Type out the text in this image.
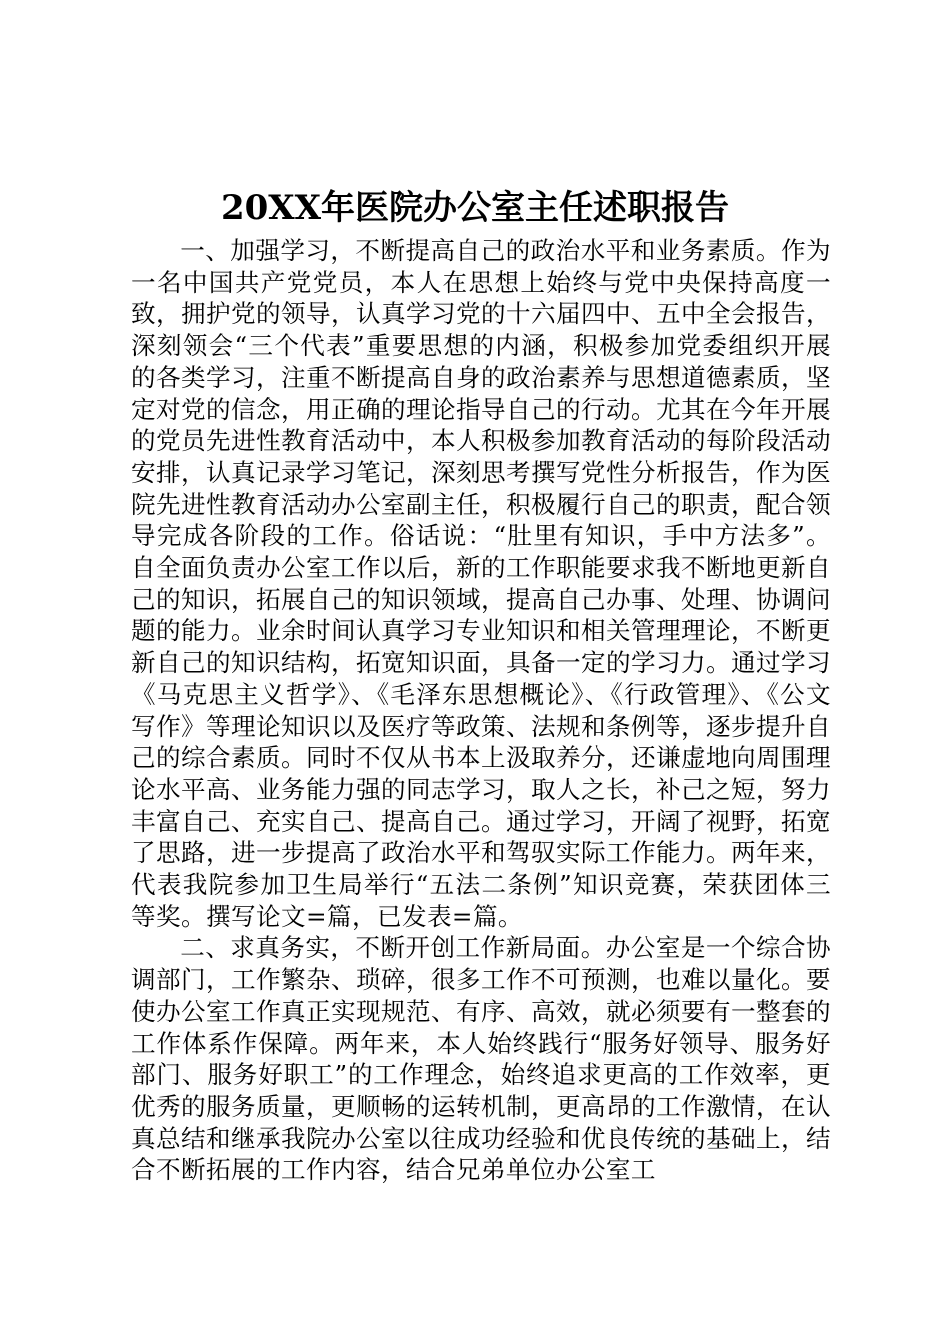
20XX年医院办公室主任述职报告

一、加强学习，不断提高自己的政治水平和业务素质。作为一名中国共产党党员，本人在思想上始终与党中央保持高度一致，拥护党的领导，认真学习党的十六届四中、五中全会报告，深刻领会“三个代表”重要思想的内涵，积极参加党委组织开展的各类学习，注重不断提高自身的政治素养与思想道德素质，坚定对党的信念，用正确的理论指导自己的行动。尤其在今年开展的党员先进性教育活动中，本人积极参加教育活动的每阶段活动安排，认真记录学习笔记，深刻思考撰写党性分析报告，作为医院先进性教育活动办公室副主任，积极履行自己的职责，配合领导完成各阶段的工作。俗话说：“肚里有知识，手中方法多”。自全面负责办公室工作以后，新的工作职能要求我不断地更新自己的知识，拓展自己的知识领域，提高自己办事、处理、协调问题的能力。业余时间认真学习专业知识和相关管理理论，不断更新自己的知识结构，拓宽知识面，具备一定的学习力。通过学习《马克思主义哲学》、《毛泽东思想概论》、《行政管理》、《公文写作》等理论知识以及医疗等政策、法规和条例等，逐步提升自己的综合素质。同时不仅从书本上汲取养分，还谦虚地向周围理论水平高、业务能力强的同志学习，取人之长，补己之短，努力丰富自己、充实自己、提高自己。通过学习，开阔了视野，拓宽了思路，进一步提高了政治水平和驾驭实际工作能力。两年来，代表我院参加卫生局举行“五法二条例”知识竞赛，荣获团体三等奖。撰写论文=篇，已发表=篇。

二、求真务实，不断开创工作新局面。办公室是一个综合协调部门，工作繁杂、琐碎，很多工作不可预测，也难以量化。要使办公室工作真正实现规范、有序、高效，就必须要有一整套的工作体系作保障。两年来，本人始终践行“服务好领导、服务好部门、服务好职工”的工作理念，始终追求更高的工作效率，更优秀的服务质量，更顺畅的运转机制，更高昂的工作激情，在认真总结和继承我院办公室以往成功经验和优良传统的基础上，结合不断拓展的工作内容，结合兄弟单位办公室工
